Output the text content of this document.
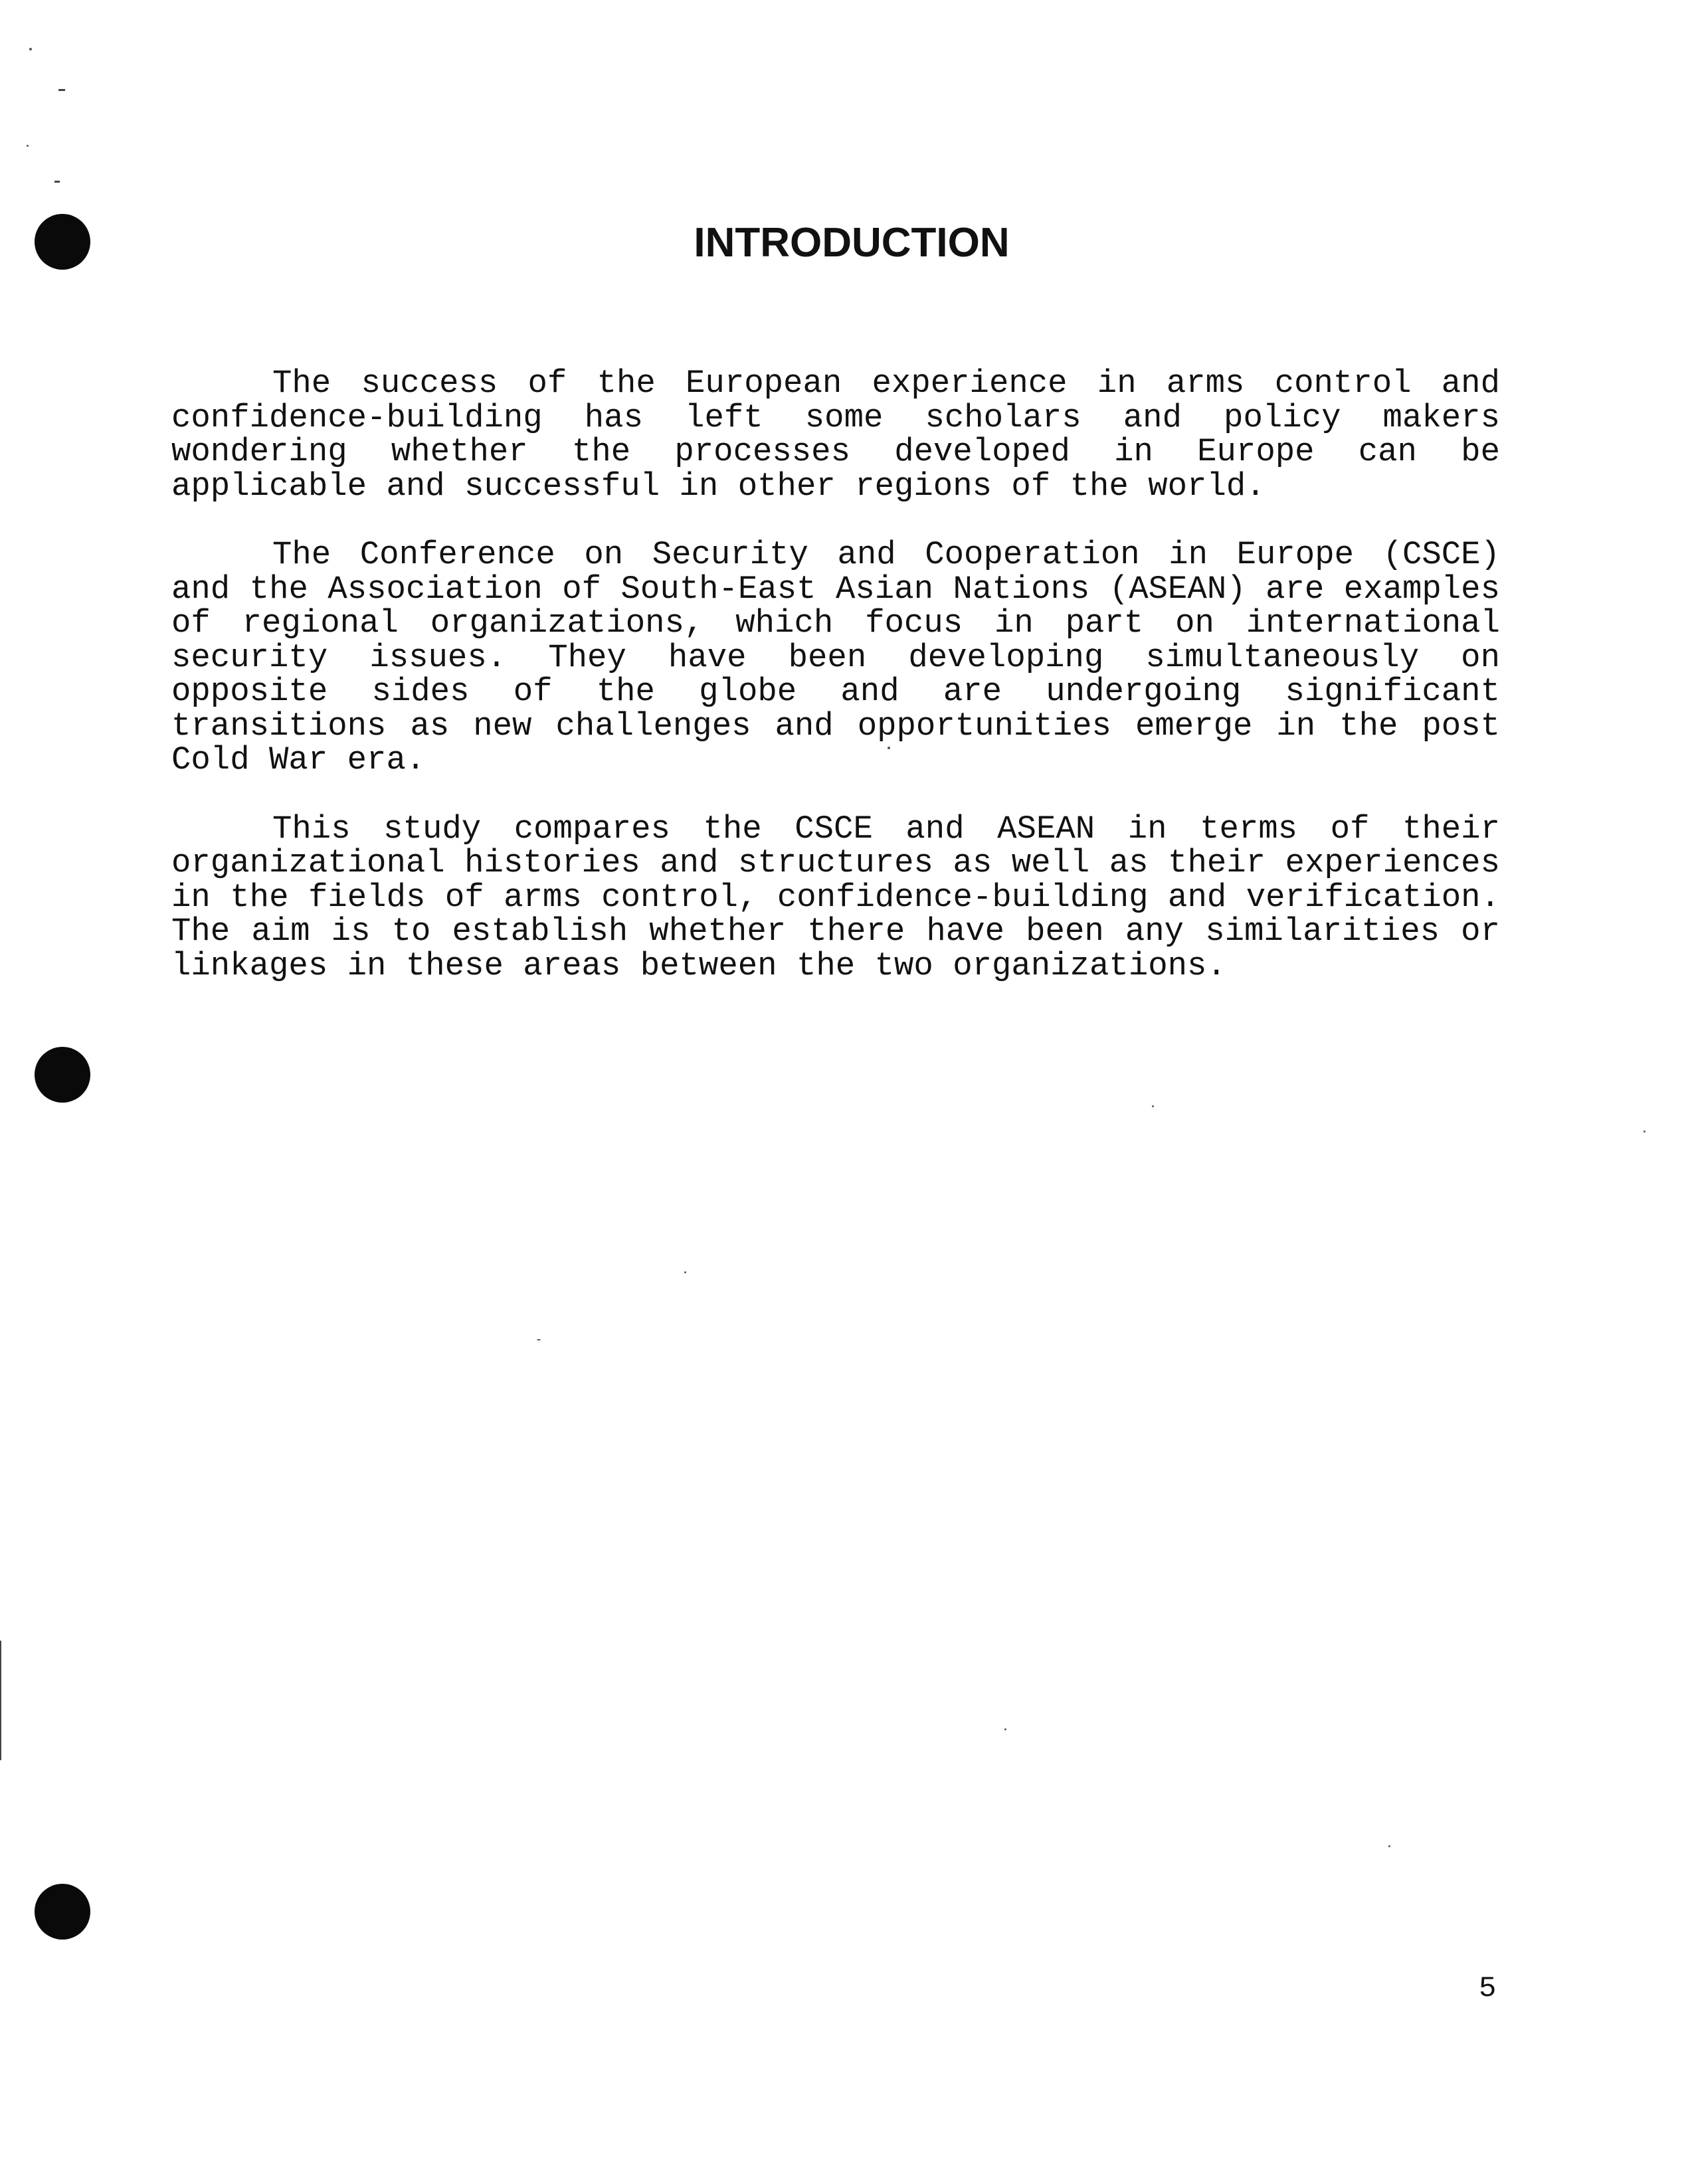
INTRODUCTION

The success of the European experience in arms control and confidence-building has left some scholars and policy makers wondering whether the processes developed in Europe can be applicable and successful in other regions of the world.

The Conference on Security and Cooperation in Europe (CSCE) and the Association of South-East Asian Nations (ASEAN) are examples of regional organizations, which focus in part on international security issues. They have been developing simultaneously on opposite sides of the globe and are undergoing significant transitions as new challenges and opportunities emerge in the post Cold War era.

This study compares the CSCE and ASEAN in terms of their organizational histories and structures as well as their experiences in the fields of arms control, confidence-building and verification. The aim is to establish whether there have been any similarities or linkages in these areas between the two organizations.

5
